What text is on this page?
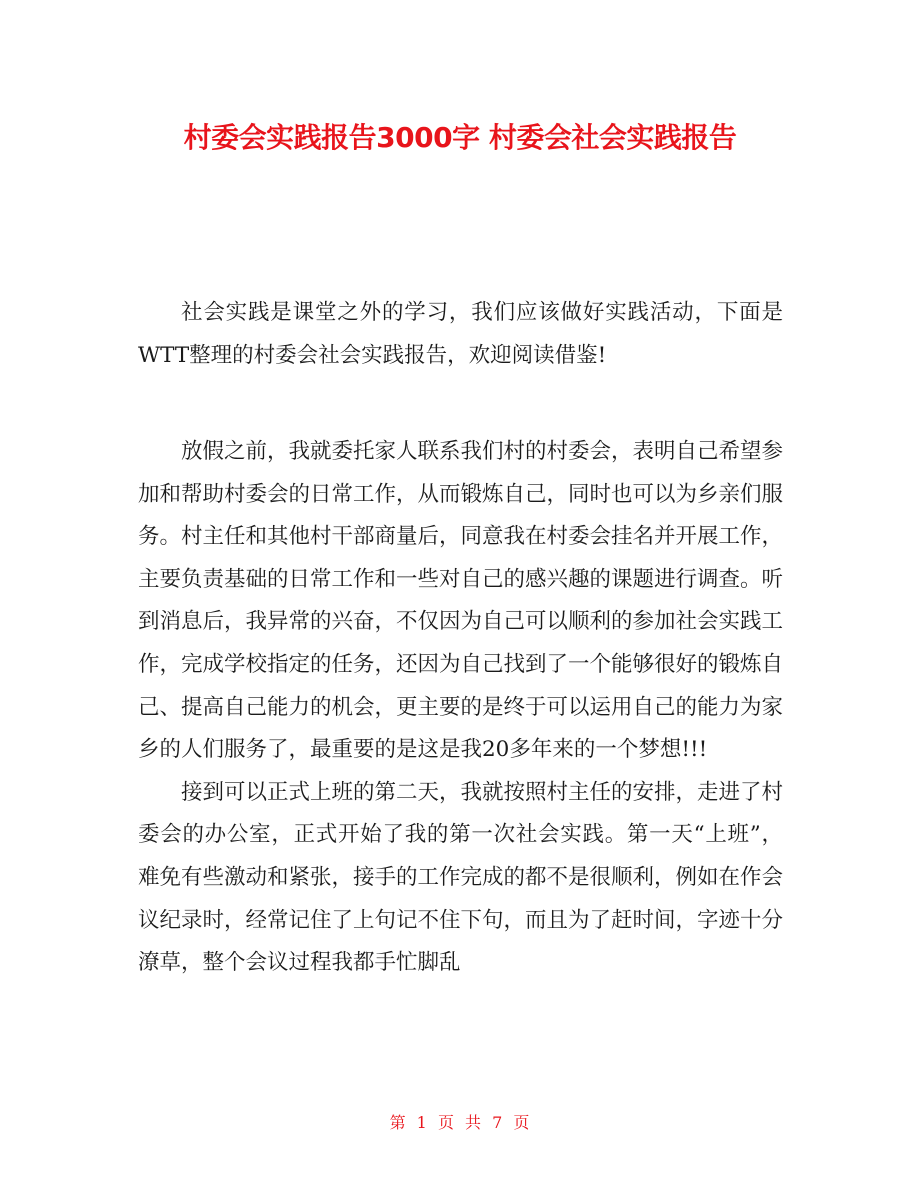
村委会实践报告3000字 村委会社会实践报告

社会实践是课堂之外的学习，我们应该做好实践活动，下面是WTT整理的村委会社会实践报告，欢迎阅读借鉴!

放假之前，我就委托家人联系我们村的村委会，表明自己希望参加和帮助村委会的日常工作，从而锻炼自己，同时也可以为乡亲们服务。村主任和其他村干部商量后，同意我在村委会挂名并开展工作，主要负责基础的日常工作和一些对自己的感兴趣的课题进行调查。听到消息后，我异常的兴奋，不仅因为自己可以顺利的参加社会实践工作，完成学校指定的任务，还因为自己找到了一个能够很好的锻炼自己、提高自己能力的机会，更主要的是终于可以运用自己的能力为家乡的人们服务了，最重要的是这是我20多年来的一个梦想!!!

接到可以正式上班的第二天，我就按照村主任的安排，走进了村委会的办公室，正式开始了我的第一次社会实践。第一天“上班”，难免有些激动和紧张，接手的工作完成的都不是很顺利，例如在作会议纪录时，经常记住了上句记不住下句，而且为了赶时间，字迹十分潦草，整个会议过程我都手忙脚乱

第 1 页 共 7 页
